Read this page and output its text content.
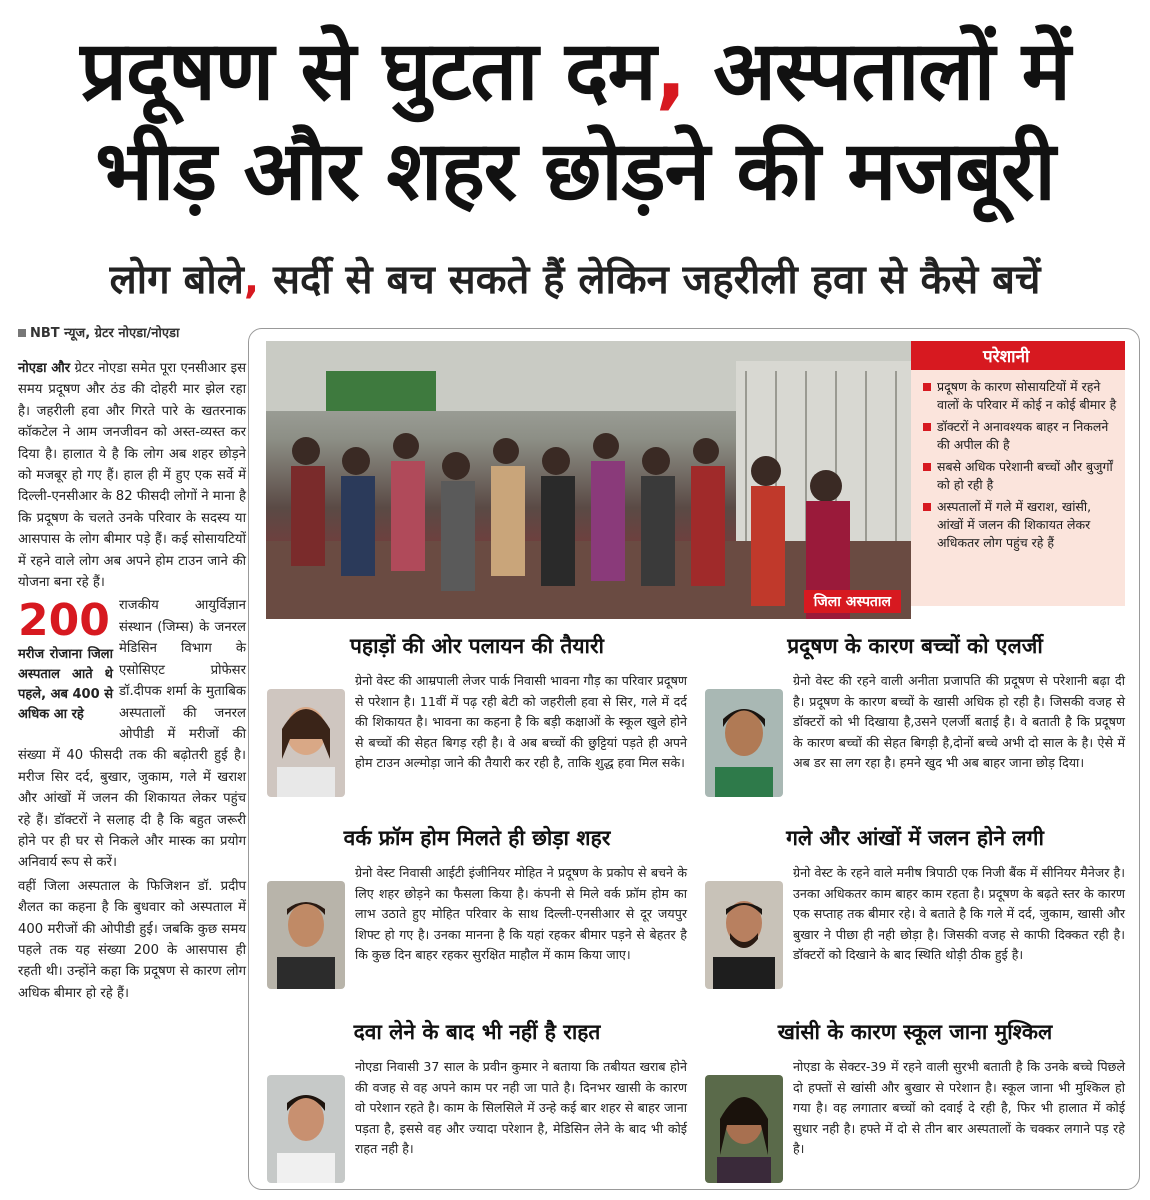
प्रदूषण से घुटता दम, अस्पतालों में
भीड़ और शहर छोड़ने की मजबूरी
लोग बोले, सर्दी से बच सकते हैं लेकिन जहरीली हवा से कैसे बचें
NBT न्यूज, ग्रेटर नोएडा/नोएडा

नोएडा और ग्रेटर नोएडा समेत पूरा एनसीआर इस समय प्रदूषण और ठंड की दोहरी मार झेल रहा है। जहरीली हवा और गिरते पारे के खतरनाक कॉकटेल ने आम जनजीवन को अस्त-व्यस्त कर दिया है। हालात ये है कि लोग अब शहर छोड़ने को मजबूर हो गए हैं। हाल ही में हुए एक सर्वे में दिल्ली-एनसीआर के 82 फीसदी लोगों ने माना है कि प्रदूषण के चलते उनके परिवार के सदस्य या आसपास के लोग बीमार पड़े हैं। कई सोसायटियों में रहने वाले लोग अब अपने होम टाउन जाने की योजना बना रहे हैं।

200
मरीज रोजाना जिला अस्पताल आते थे पहले, अब 400 से अधिक आ रहे

राजकीय आयुर्विज्ञान संस्थान (जिम्स) के जनरल मेडिसिन विभाग के एसोसिएट प्रोफेसर डॉ.दीपक शर्मा के मुताबिक अस्पतालों की जनरल ओपीडी में मरीजों की संख्या में 40 फीसदी तक की बढ़ोतरी हुई है। मरीज सिर दर्द, बुखार, जुकाम, गले में खराश और आंखों में जलन की शिकायत लेकर पहुंच रहे हैं। डॉक्टरों ने सलाह दी है कि बहुत जरूरी होने पर ही घर से निकले और मास्क का प्रयोग अनिवार्य रूप से करें।

वहीं जिला अस्पताल के फिजिशन डॉ. प्रदीप शैलत का कहना है कि बुधवार को अस्पताल में 400 मरीजों की ओपीडी हुई। जबकि कुछ समय पहले तक यह संख्या 200 के आसपास ही रहती थी। उन्होंने कहा कि प्रदूषण से कारण लोग अधिक बीमार हो रहे हैं।

जिला अस्पताल
परेशानी
प्रदूषण के कारण सोसायटियों में रहने वालों के परिवार में कोई न कोई बीमार है
डॉक्टरों ने अनावश्यक बाहर न निकलने की अपील की है
सबसे अधिक परेशानी बच्चों और बुजुर्गों को हो रही है
अस्पतालों में गले में खराश, खांसी, आंखों में जलन की शिकायत लेकर अधिकतर लोग पहुंच रहे हैं
पहाड़ों की ओर पलायन की तैयारी
ग्रेनो वेस्ट की आम्रपाली लेजर पार्क निवासी भावना गौड़ का परिवार प्रदूषण से परेशान है। 11वीं में पढ़ रही बेटी को जहरीली हवा से सिर, गले में दर्द की शिकायत है। भावना का कहना है कि बड़ी कक्षाओं के स्कूल खुले होने से बच्चों की सेहत बिगड़ रही है। वे अब बच्चों की छुट्टियां पड़ते ही अपने होम टाउन अल्मोड़ा जाने की तैयारी कर रही है, ताकि शुद्ध हवा मिल सके।
प्रदूषण के कारण बच्चों को एलर्जी
ग्रेनो वेस्ट की रहने वाली अनीता प्रजापति की प्रदूषण से परेशानी बढ़ा दी है। प्रदूषण के कारण बच्चों के खासी अधिक हो रही है। जिसकी वजह से डॉक्टरों को भी दिखाया है,उसने एलर्जी बताई है। वे बताती है कि प्रदूषण के कारण बच्चों की सेहत बिगड़ी है,दोनों बच्चे अभी दो साल के है। ऐसे में अब डर सा लग रहा है। हमने खुद भी अब बाहर जाना छोड़ दिया।
वर्क फ्रॉम होम मिलते ही छोड़ा शहर
ग्रेनो वेस्ट निवासी आईटी इंजीनियर मोहित ने प्रदूषण के प्रकोप से बचने के लिए शहर छोड़ने का फैसला किया है। कंपनी से मिले वर्क फ्रॉम होम का लाभ उठाते हुए मोहित परिवार के साथ दिल्ली-एनसीआर से दूर जयपुर शिफ्ट हो गए है। उनका मानना है कि यहां रहकर बीमार पड़ने से बेहतर है कि कुछ दिन बाहर रहकर सुरक्षित माहौल में काम किया जाए।
गले और आंखों में जलन होने लगी
ग्रेनो वेस्ट के रहने वाले मनीष त्रिपाठी एक निजी बैंक में सीनियर मैनेजर है। उनका अधिकतर काम बाहर काम रहता है। प्रदूषण के बढ़ते स्तर के कारण एक सप्ताह तक बीमार रहे। वे बताते है कि गले में दर्द, जुकाम, खासी और बुखार ने पीछा ही नही छोड़ा है। जिसकी वजह से काफी दिक्कत रही है। डॉक्टरों को दिखाने के बाद स्थिति थोड़ी ठीक हुई है।
दवा लेने के बाद भी नहीं है राहत
नोएडा निवासी 37 साल के प्रवीन कुमार ने बताया कि तबीयत खराब होने की वजह से वह अपने काम पर नही जा पाते है। दिनभर खासी के कारण वो परेशान रहते है। काम के सिलसिले में उन्हे कई बार शहर से बाहर जाना पड़ता है, इससे वह और ज्यादा परेशान है, मेडिसिन लेने के बाद भी कोई राहत नही है।
खांसी के कारण स्कूल जाना मुश्किल
नोएडा के सेक्टर-39 में रहने वाली सुरभी बताती है कि उनके बच्चे पिछले दो हफ्तों से खांसी और बुखार से परेशान है। स्कूल जाना भी मुश्किल हो गया है। वह लगातार बच्चों को दवाई दे रही है, फिर भी हालात में कोई सुधार नही है। हफ्ते में दो से तीन बार अस्पतालों के चक्कर लगाने पड़ रहे है।
